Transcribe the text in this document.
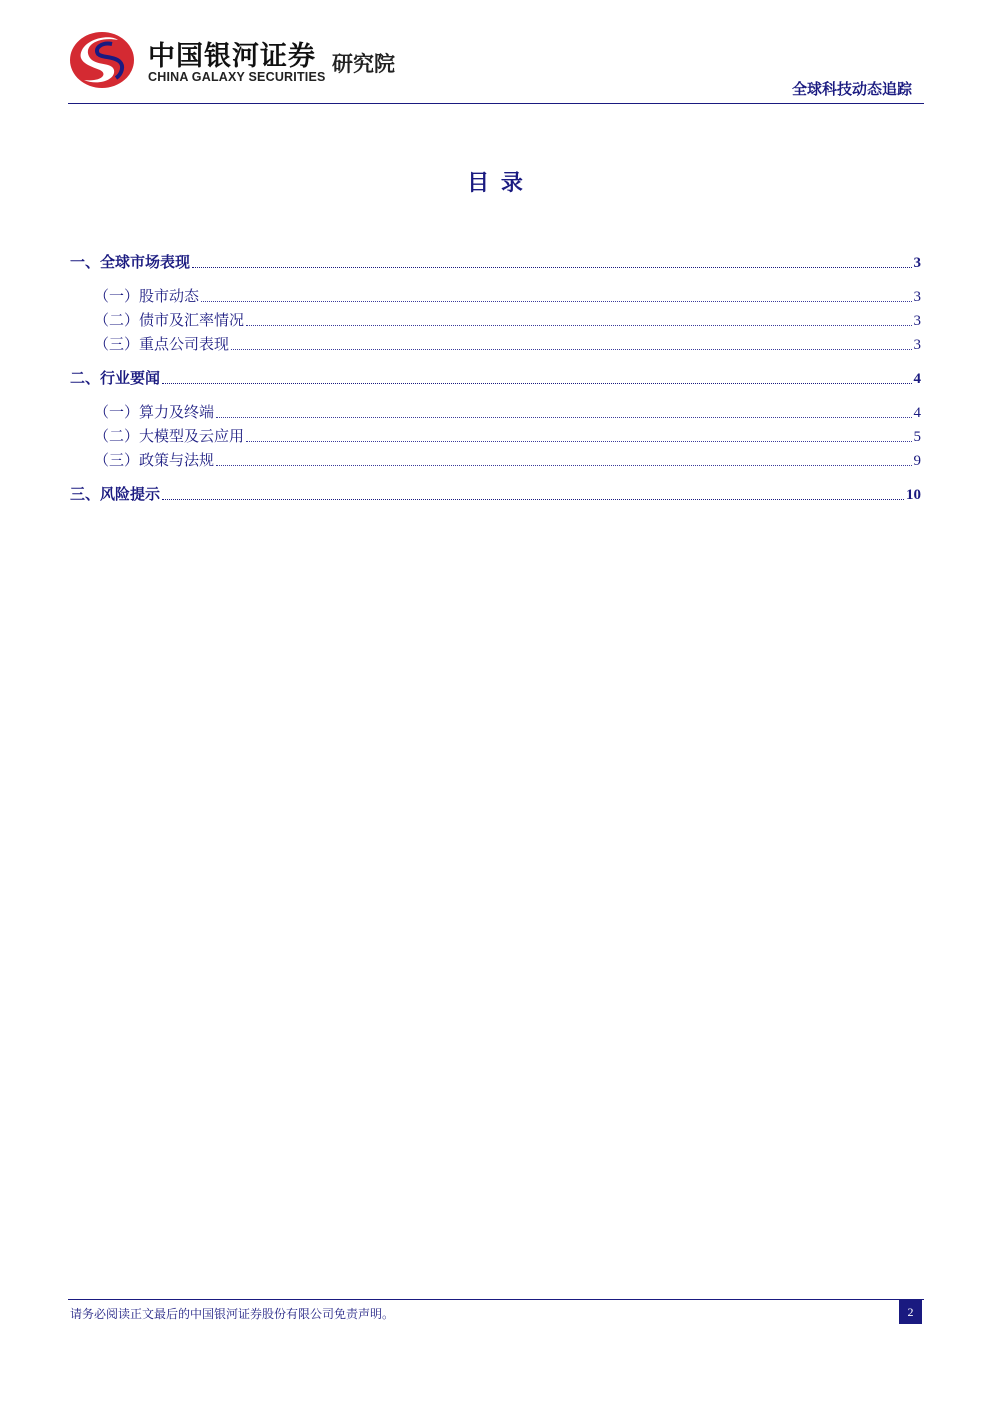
中国银河证券
CHINA GALAXY SECURITIES
研究院
全球科技动态追踪
目 录
一、全球市场表现	3
（一）股市动态	3
（二）债市及汇率情况	3
（三）重点公司表现	3
二、行业要闻	4
（一）算力及终端	4
（二）大模型及云应用	5
（三）政策与法规	9
三、风险提示	10
请务必阅读正文最后的中国银河证券股份有限公司免责声明。	2
